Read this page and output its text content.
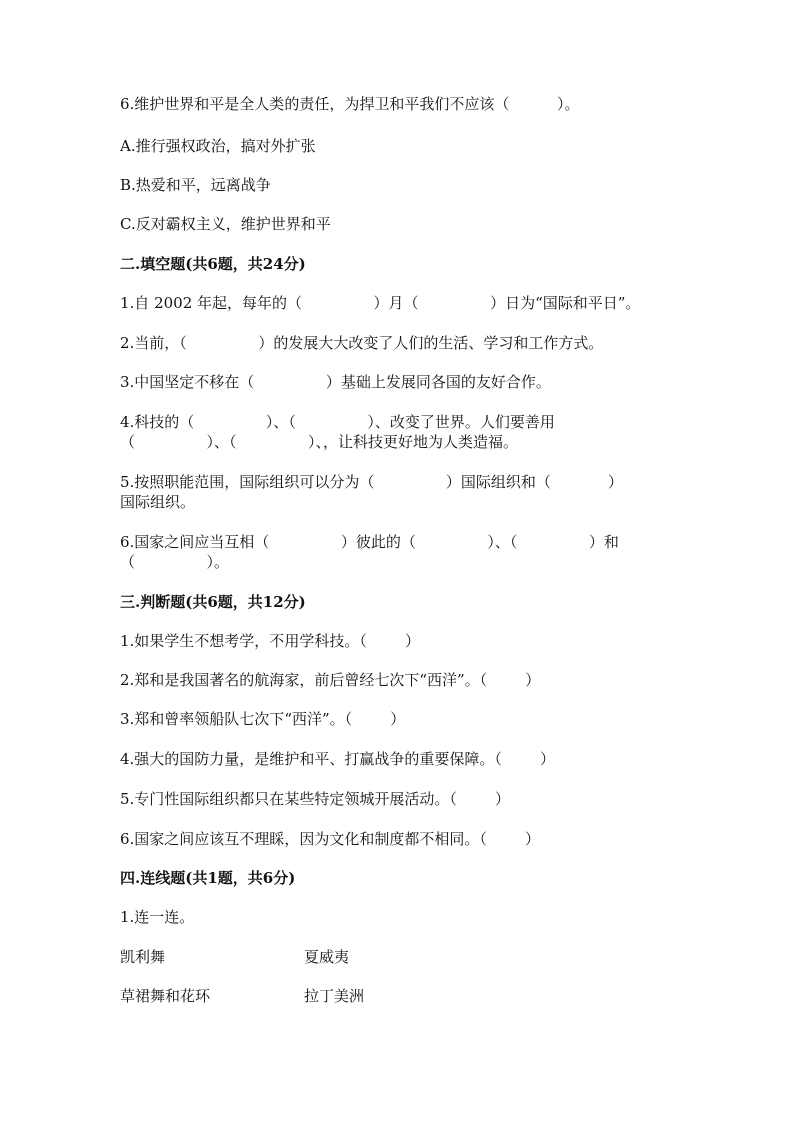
6.维护世界和平是全人类的责任，为捍卫和平我们不应该（          ）。
A.推行强权政治，搞对外扩张
B.热爱和平，远离战争
C.反对霸权主义，维护世界和平
二.填空题(共6题，共24分)
1.自 2002 年起，每年的（               ）月（               ）日为“国际和平日”。
2.当前，（               ）的发展大大改变了人们的生活、学习和工作方式。
3.中国坚定不移在（               ）基础上发展同各国的友好合作。
4.科技的（               ）、（               ）、改变了世界。人们要善用
（               ）、（               ）、，让科技更好地为人类造福。
5.按照职能范围，国际组织可以分为（               ）国际组织和（            ）
国际组织。
6.国家之间应当互相（               ）彼此的（               ）、（               ）和
（               ）。
三.判断题(共6题，共12分)
1.如果学生不想考学，不用学科技。（        ）
2.郑和是我国著名的航海家，前后曾经七次下“西洋”。（        ）
3.郑和曾率领船队七次下“西洋”。（        ）
4.强大的国防力量，是维护和平、打赢战争的重要保障。（        ）
5.专门性国际组织都只在某些特定领城开展活动。（        ）
6.国家之间应该互不理睬，因为文化和制度都不相同。（        ）
四.连线题(共1题，共6分)
1.连一连。
凯利舞	夏威夷
草裙舞和花环	拉丁美洲
